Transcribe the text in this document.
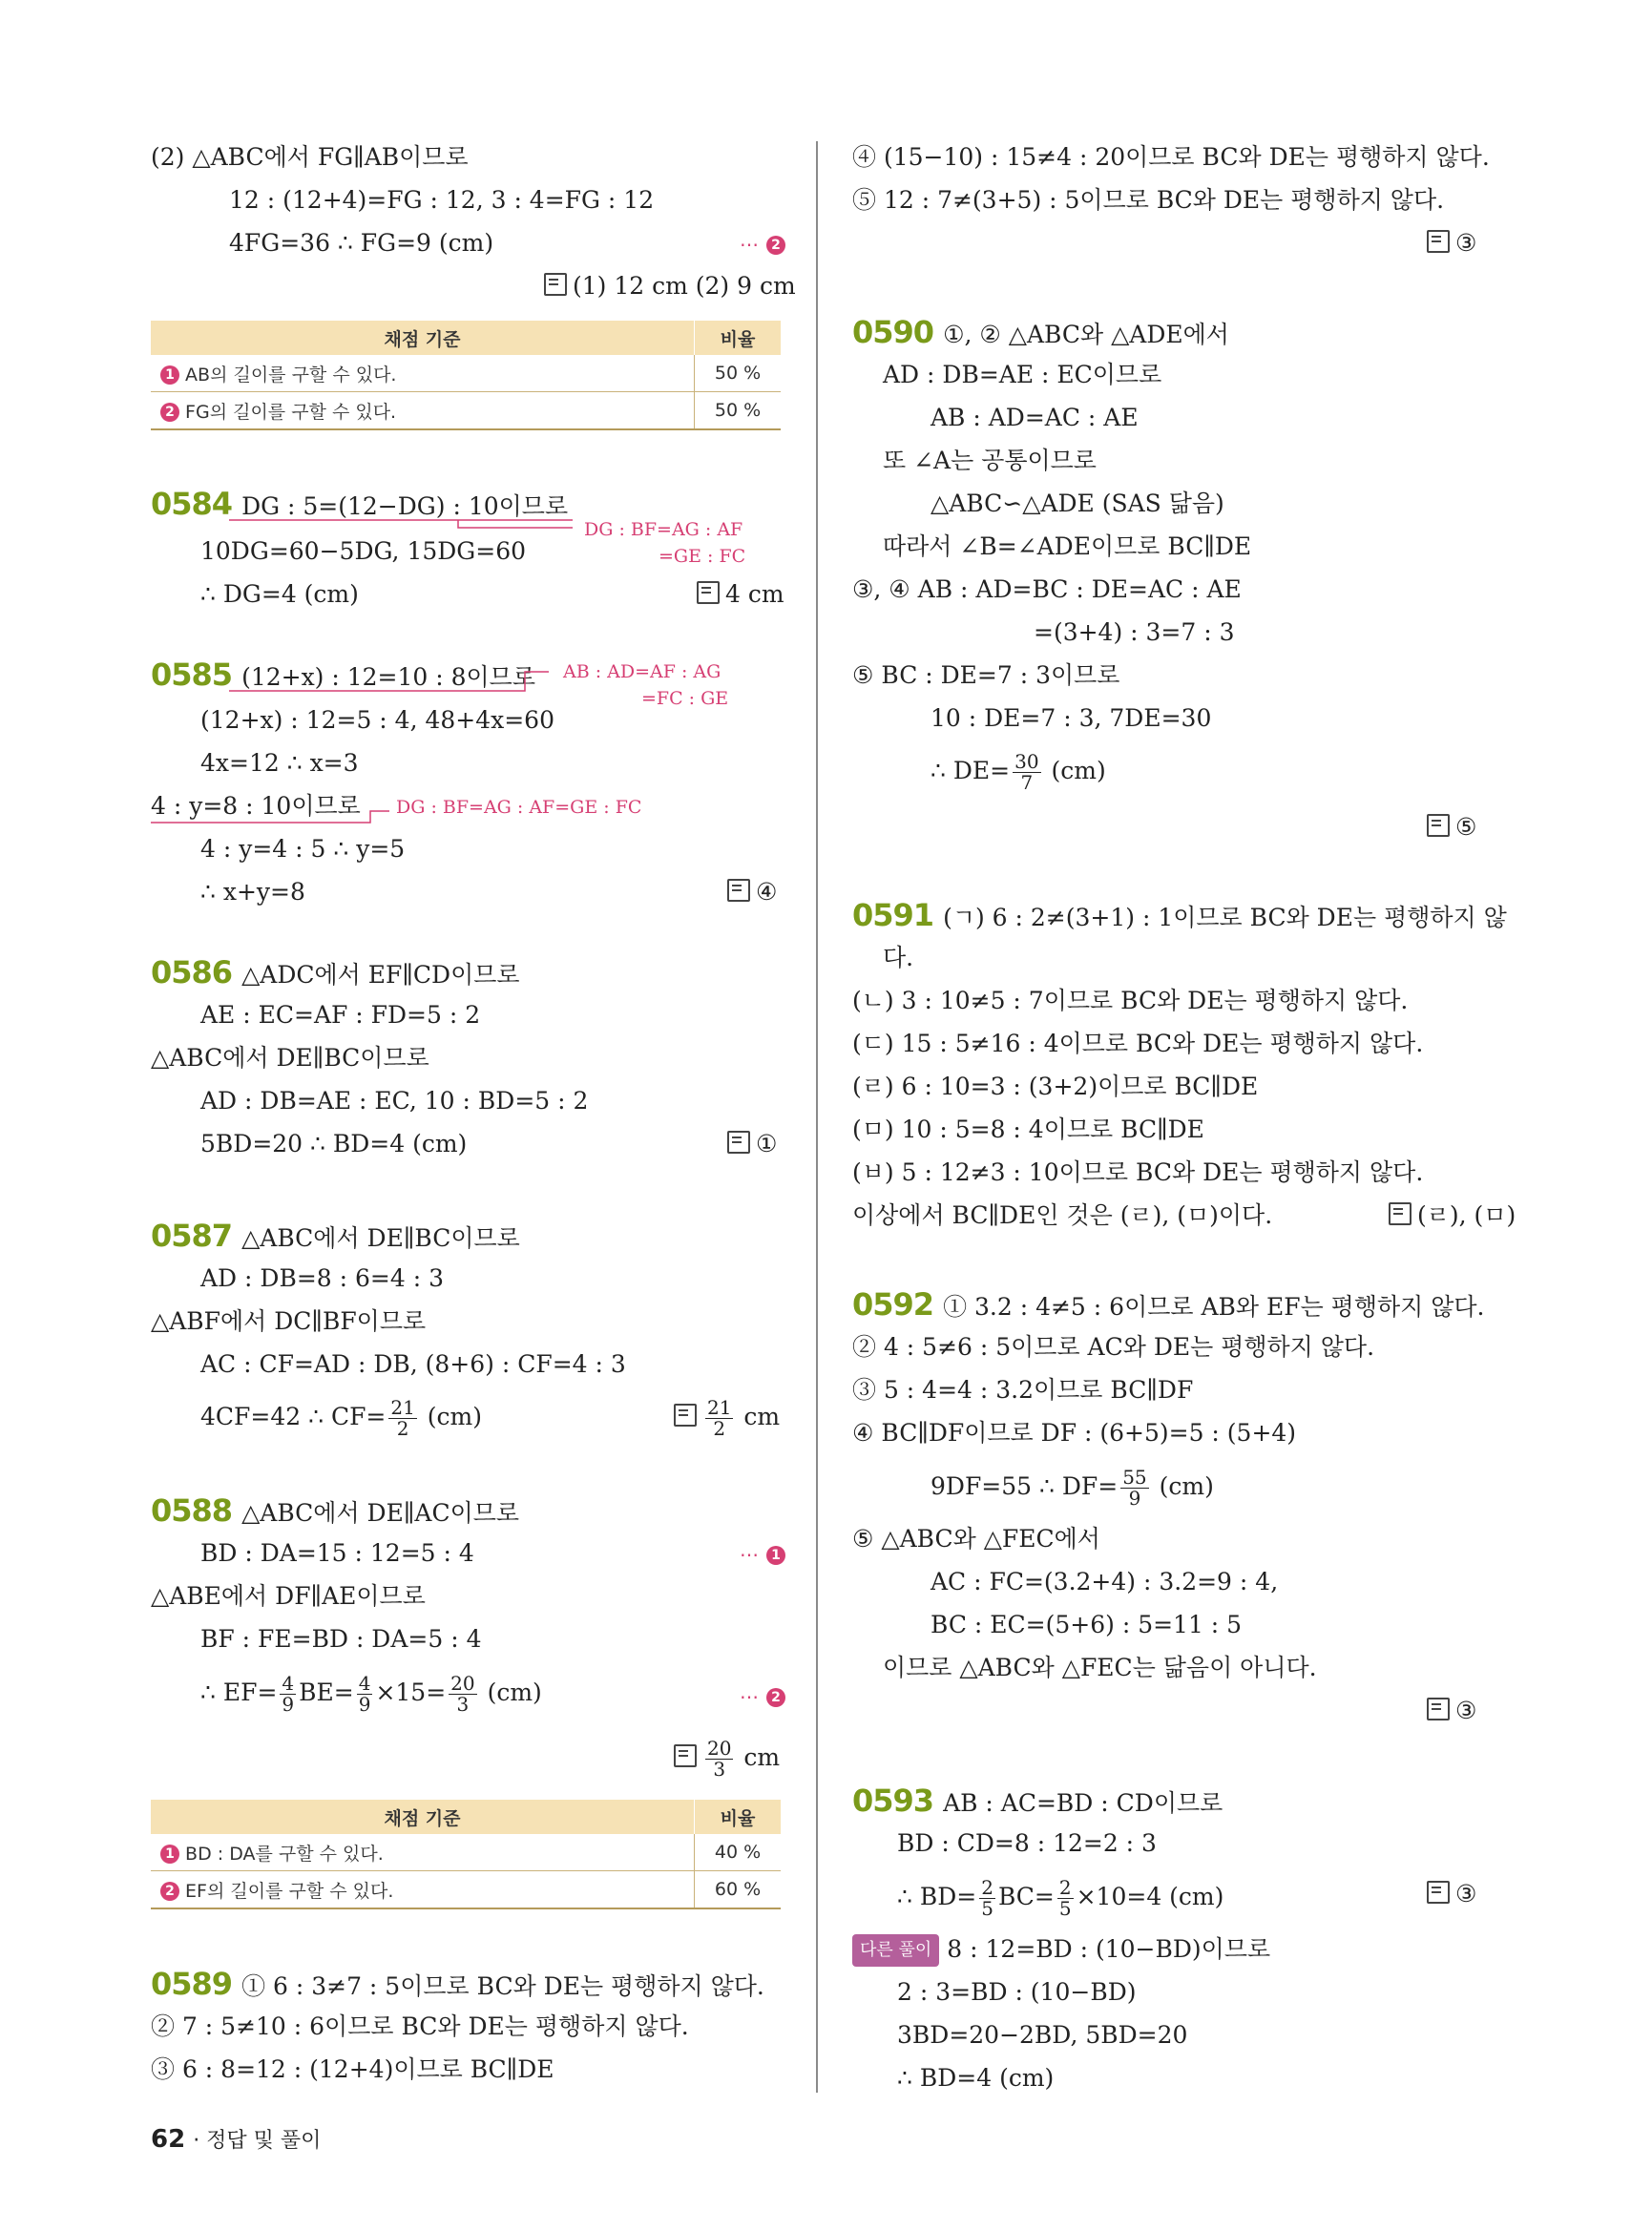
(2) △ABC에서 FG∥AB이므로
12 : (12+4)=FG : 12, 3 : 4=FG : 12
4FG=36 ∴ FG=9 (cm)	⋯ 2
(1) 12 cm (2) 9 cm
채점 기준	비율
1 AB의 길이를 구할 수 있다.	50 %
2 FG의 길이를 구할 수 있다.	50 %
0584 DG : 5=(12−DG) : 10이므로
DG : BF=AG : AF
=GE : FC
10DG=60−5DG, 15DG=60
∴ DG=4 (cm)	4 cm
0585 (12+x) : 12=10 : 8이므로 AB : AD=AF : AG
=FC : GE
(12+x) : 12=5 : 4, 48+4x=60
4x=12 ∴ x=3
4 : y=8 : 10이므로 DG : BF=AG : AF=GE : FC
4 : y=4 : 5 ∴ y=5
∴ x+y=8	④
0586 △ADC에서 EF∥CD이므로
AE : EC=AF : FD=5 : 2
△ABC에서 DE∥BC이므로
AD : DB=AE : EC, 10 : BD=5 : 2
5BD=20 ∴ BD=4 (cm)	①
0587 △ABC에서 DE∥BC이므로
AD : DB=8 : 6=4 : 3
△ABF에서 DC∥BF이므로
AC : CF=AD : DB, (8+6) : CF=4 : 3
4CF=42 ∴ $CF= \frac{21}{2} (cm)$	$\frac{21}{2}$ cm
0588 △ABC에서 DE∥AC이므로
BD : DA=15 : 12=5 : 4	⋯ 1
△ABE에서 DF∥AE이므로
BF : FE=BD : DA=5 : 4
∴ $EF= \frac{4}{9} BE= \frac{4}{9} \times 15= \frac{20}{3} (cm)$	⋯ 2
$\frac{20}{3}$ cm
채점 기준	비율
1 BD : DA를 구할 수 있다.	40 %
2 EF의 길이를 구할 수 있다.	60 %
0589 ① 6 : 3≠7 : 5이므로 BC와 DE는 평행하지 않다.
② 7 : 5≠10 : 6이므로 BC와 DE는 평행하지 않다.
③ 6 : 8=12 : (12+4)이므로 BC∥DE
④ (15−10) : 15≠4 : 20이므로 BC와 DE는 평행하지 않다.
⑤ 12 : 7≠(3+5) : 5이므로 BC와 DE는 평행하지 않다.
③
0590 ①, ② △ABC와 △ADE에서
AD : DB=AE : EC이므로
AB : AD=AC : AE
또 ∠A는 공통이므로
△ABC∽△ADE (SAS 닮음)
따라서 ∠B=∠ADE이므로 BC∥DE
③, ④ AB : AD=BC : DE=AC : AE
=(3+4) : 3=7 : 3
⑤ BC : DE=7 : 3이므로
10 : DE=7 : 3, 7DE=30
∴ $DE= \frac{30}{7} (cm)$
⑤
0591 (ㄱ) 6 : 2≠(3+1) : 1이므로 BC와 DE는 평행하지 않
다.
(ㄴ) 3 : 10≠5 : 7이므로 BC와 DE는 평행하지 않다.
(ㄷ) 15 : 5≠16 : 4이므로 BC와 DE는 평행하지 않다.
(ㄹ) 6 : 10=3 : (3+2)이므로 BC∥DE
(ㅁ) 10 : 5=8 : 4이므로 BC∥DE
(ㅂ) 5 : 12≠3 : 10이므로 BC와 DE는 평행하지 않다.
이상에서 BC∥DE인 것은 (ㄹ), (ㅁ)이다.	(ㄹ), (ㅁ)
0592 ① 3.2 : 4≠5 : 6이므로 AB와 EF는 평행하지 않다.
② 4 : 5≠6 : 5이므로 AC와 DE는 평행하지 않다.
③ 5 : 4=4 : 3.2이므로 BC∥DF
④ BC∥DF이므로 DF : (6+5)=5 : (5+4)
9DF=55 ∴ $DF= \frac{55}{9} (cm)$
⑤ △ABC와 △FEC에서
AC : FC=(3.2+4) : 3.2=9 : 4,
BC : EC=(5+6) : 5=11 : 5
이므로 △ABC와 △FEC는 닮음이 아니다.
③
0593 AB : AC=BD : CD이므로
BD : CD=8 : 12=2 : 3
∴ $BD= \frac{2}{5} BC= \frac{2}{5} \times 10=4$ (cm)	③
다른 풀이 8 : 12=BD : (10−BD)이므로
2 : 3=BD : (10−BD)
3BD=20−2BD, 5BD=20
∴ BD=4 (cm)
62 · 정답 및 풀이
